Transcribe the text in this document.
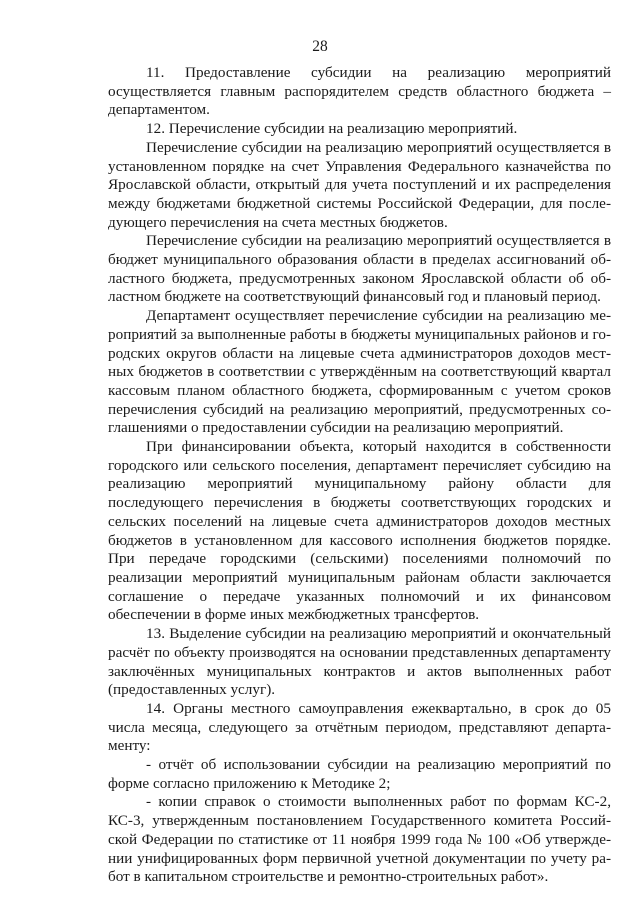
28

11. Предоставление субсидии на реализацию мероприятий осуществляется главным распорядителем средств областного бюджета – департаментом.

12. Перечисление субсидии на реализацию мероприятий.

Перечисление субсидии на реализацию мероприятий осуществляется в установленном порядке на счет Управления Федерального казначейства по Ярославской области, открытый для учета поступлений и их распределения между бюджетами бюджетной системы Российской Федерации, для последующего перечисления на счета местных бюджетов.

Перечисление субсидии на реализацию мероприятий осуществляется в бюджет муниципального образования области в пределах ассигнований областного бюджета, предусмотренных законом Ярославской области об областном бюджете на соответствующий финансовый год и плановый период.

Департамент осуществляет перечисление субсидии на реализацию мероприятий за выполненные работы в бюджеты муниципальных районов и городских округов области на лицевые счета администраторов доходов местных бюджетов в соответствии с утверждённым на соответствующий квартал кассовым планом областного бюджета, сформированным с учетом сроков перечисления субсидий на реализацию мероприятий, предусмотренных соглашениями о предоставлении субсидии на реализацию мероприятий.

При финансировании объекта, который находится в собственности городского или сельского поселения, департамент перечисляет субсидию на реализацию мероприятий муниципальному району области для последующего перечисления в бюджеты соответствующих городских и сельских поселений на лицевые счета администраторов доходов местных бюджетов в установленном для кассового исполнения бюджетов порядке. При передаче городскими (сельскими) поселениями полномочий по реализации мероприятий муниципальным районам области заключается соглашение о передаче указанных полномочий и их финансовом обеспечении в форме иных межбюджетных трансфертов.

13. Выделение субсидии на реализацию мероприятий и окончательный расчёт по объекту производятся на основании представленных департаменту заключённых муниципальных контрактов и актов выполненных работ (предоставленных услуг).

14. Органы местного самоуправления ежеквартально, в срок до 05 числа месяца, следующего за отчётным периодом, представляют департаменту:

- отчёт об использовании субсидии на реализацию мероприятий по форме согласно приложению к Методике 2;

- копии справок о стоимости выполненных работ по формам КС-2, КС-3, утвержденным постановлением Государственного комитета Российской Федерации по статистике от 11 ноября 1999 года № 100 «Об утверждении унифицированных форм первичной учетной документации по учету работ в капитальном строительстве и ремонтно-строительных работ».
